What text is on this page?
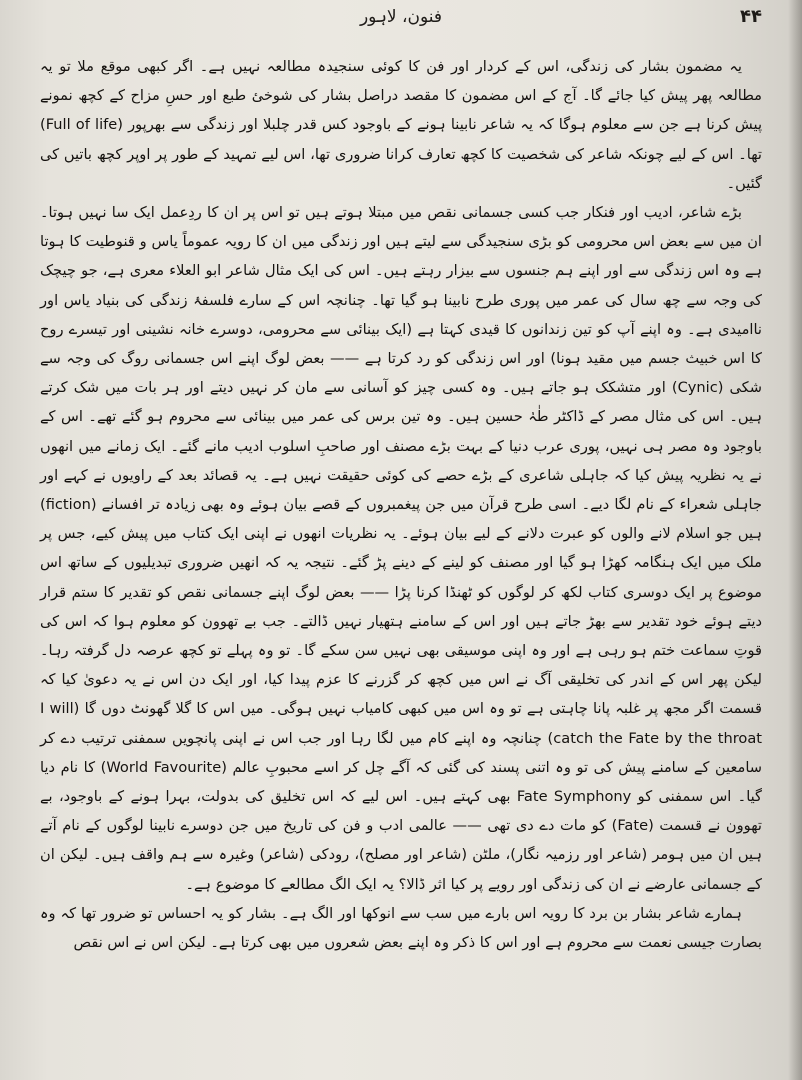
فنون، لاہور	۴۴

یہ مضمون بشار کی زندگی، اس کے کردار اور فن کا کوئی سنجیدہ مطالعہ نہیں ہے۔ اگر کبھی موقع ملا تو یہ مطالعہ پھر پیش کیا جائے گا۔ آج کے اس مضمون کا مقصد دراصل بشار کی شوخیٔ طبع اور حسِ مزاح کے کچھ نمونے پیش کرنا ہے جن سے معلوم ہوگا کہ یہ شاعر نابینا ہونے کے باوجود کس قدر چلبلا اور زندگی سے بھرپور (Full of life) تھا۔ اس کے لیے چونکہ شاعر کی شخصیت کا کچھ تعارف کرانا ضروری تھا، اس لیے تمہید کے طور پر اوپر کچھ باتیں کی گئیں۔

بڑے شاعر، ادیب اور فنکار جب کسی جسمانی نقص میں مبتلا ہوتے ہیں تو اس پر ان کا ردِعمل ایک سا نہیں ہوتا۔ ان میں سے بعض اس محرومی کو بڑی سنجیدگی سے لیتے ہیں اور زندگی میں ان کا رویہ عموماً یاس و قنوطیت کا ہوتا ہے وہ اس زندگی سے اور اپنے ہم جنسوں سے بیزار رہتے ہیں۔ اس کی ایک مثال شاعر ابو العلاء معری ہے، جو چیچک کی وجہ سے چھ سال کی عمر میں پوری طرح نابینا ہو گیا تھا۔ چنانچہ اس کے سارے فلسفۂ زندگی کی بنیاد یاس اور ناامیدی ہے۔ وہ اپنے آپ کو تین زندانوں کا قیدی کہتا ہے (ایک بینائی سے محرومی، دوسرے خانہ نشینی اور تیسرے روح کا اس خبیث جسم میں مقید ہونا) اور اس زندگی کو رد کرتا ہے —— بعض لوگ اپنے اس جسمانی روگ کی وجہ سے شکی (Cynic) اور متشکک ہو جاتے ہیں۔ وہ کسی چیز کو آسانی سے مان کر نہیں دیتے اور ہر بات میں شک کرتے ہیں۔ اس کی مثال مصر کے ڈاکٹر طٰہٰ حسین ہیں۔ وہ تین برس کی عمر میں بینائی سے محروم ہو گئے تھے۔ اس کے باوجود وہ مصر ہی نہیں، پوری عرب دنیا کے بہت بڑے مصنف اور صاحبِ اسلوب ادیب مانے گئے۔ ایک زمانے میں انھوں نے یہ نظریہ پیش کیا کہ جاہلی شاعری کے بڑے حصے کی کوئی حقیقت نہیں ہے۔ یہ قصائد بعد کے راویوں نے کہے اور جاہلی شعراء کے نام لگا دیے۔ اسی طرح قرآن میں جن پیغمبروں کے قصے بیان ہوئے وہ بھی زیادہ تر افسانے (fiction) ہیں جو اسلام لانے والوں کو عبرت دلانے کے لیے بیان ہوئے۔ یہ نظریات انھوں نے اپنی ایک کتاب میں پیش کیے، جس پر ملک میں ایک ہنگامہ کھڑا ہو گیا اور مصنف کو لینے کے دینے پڑ گئے۔ نتیجہ یہ کہ انھیں ضروری تبدیلیوں کے ساتھ اس موضوع پر ایک دوسری کتاب لکھ کر لوگوں کو ٹھنڈا کرنا پڑا —— بعض لوگ اپنے جسمانی نقص کو تقدیر کا ستم قرار دیتے ہوئے خود تقدیر سے بھڑ جاتے ہیں اور اس کے سامنے ہتھیار نہیں ڈالتے۔ جب بے تھوون کو معلوم ہوا کہ اس کی قوتِ سماعت ختم ہو رہی ہے اور وہ اپنی موسیقی بھی نہیں سن سکے گا۔ تو وہ پہلے تو کچھ عرصہ دل گرفتہ رہا۔ لیکن پھر اس کے اندر کی تخلیقی آگ نے اس میں کچھ کر گزرنے کا عزم پیدا کیا، اور ایک دن اس نے یہ دعویٰ کیا کہ قسمت اگر مجھ پر غلبہ پانا چاہتی ہے تو وہ اس میں کبھی کامیاب نہیں ہوگی۔ میں اس کا گلا گھونٹ دوں گا (I will catch the Fate by the throat) چنانچہ وہ اپنے کام میں لگا رہا اور جب اس نے اپنی پانچویں سمفنی ترتیب دے کر سامعین کے سامنے پیش کی تو وہ اتنی پسند کی گئی کہ آگے چل کر اسے محبوبِ عالم (World Favourite) کا نام دیا گیا۔ اس سمفنی کو Fate Symphony بھی کہتے ہیں۔ اس لیے کہ اس تخلیق کی بدولت، بہرا ہونے کے باوجود، بے تھوون نے قسمت (Fate) کو مات دے دی تھی —— عالمی ادب و فن کی تاریخ میں جن دوسرے نابینا لوگوں کے نام آتے ہیں ان میں ہومر (شاعر اور رزمیہ نگار)، ملٹن (شاعر اور مصلح)، رودکی (شاعر) وغیرہ سے ہم واقف ہیں۔ لیکن ان کے جسمانی عارضے نے ان کی زندگی اور رویے پر کیا اثر ڈالا؟ یہ ایک الگ مطالعے کا موضوع ہے۔

ہمارے شاعر بشار بن برد کا رویہ اس بارے میں سب سے انوکھا اور الگ ہے۔ بشار کو یہ احساس تو ضرور تھا کہ وہ بصارت جیسی نعمت سے محروم ہے اور اس کا ذکر وہ اپنے بعض شعروں میں بھی کرتا ہے۔ لیکن اس نے اس نقص
